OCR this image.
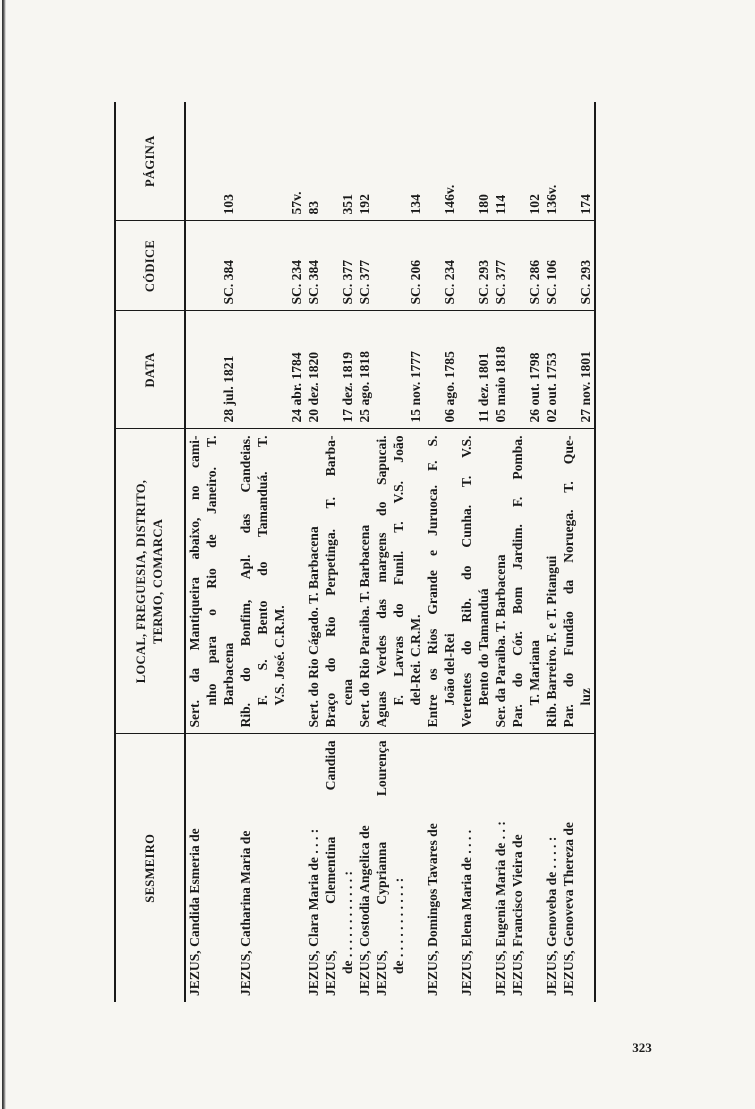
SESMEIRO	LOCAL, FREGUESIA, DISTRITO, TERMO, COMARCA	DATA	CÓDICE	PÁGINA

JEZUS, Candida Esmeria de	Sert. da Mantiqueira abaixo, no cami- nho para o Rio de Janeiro. T. Barbacena	28 jul. 1821	SC. 384	103

JEZUS, Catharina Maria de	Rib. do Bonfim, Apl. das Candeias. F. S. Bento do Tamanduá. T. V.S. José. C.R.M.	24 abr. 1784	SC. 234	57v.

JEZUS, Clara Maria de . . . :	Sert. do Rio Cágado. T. Barbacena	20 dez. 1820	SC. 384	83

JEZUS, Clementina Candida de . . . . . . . . . . . . :	Braço do Rio Perpetinga. T. Barba- cena	17 dez. 1819	SC. 377	351

JEZUS, Costodia Angelica de	Sert. do Rio Paraiba. T. Barbacena	25 ago. 1818	SC. 377	192

JEZUS, Cyprianna Lourença de . . . . . . . . . . . :	Aguas Verdes das margens do Sapucai. F. Lavras do Funil. T. V.S. João del-Rei. C.R.M.	15 nov. 1777	SC. 206	134

JEZUS, Domingos Tavares de	Entre os Rios Grande e Juruoca. F. S. João del-Rei	06 ago. 1785	SC. 234	146v.

JEZUS, Elena Maria de . . . .	Vertentes do Rib. do Cunha. T. V.S. Bento do Tamanduá	11 dez. 1801	SC. 293	180

JEZUS, Eugenia Maria de . . :	Ser. da Paraiba. T. Barbacena	05 maio 1818	SC. 377	114

JEZUS, Francisco Vieira de	Par. do Cór. Bom Jardim. F. Pomba. T. Mariana	26 out. 1798	SC. 286	102

JEZUS, Genoveba de . . . . :	Rib. Barreiro. F. e T. Pitangui	02 out. 1753	SC. 106	136v.

JEZUS, Genoveva Thereza de	Par. do Fundão da Noruega. T. Que- luz	27 nov. 1801	SC. 293	174
323
